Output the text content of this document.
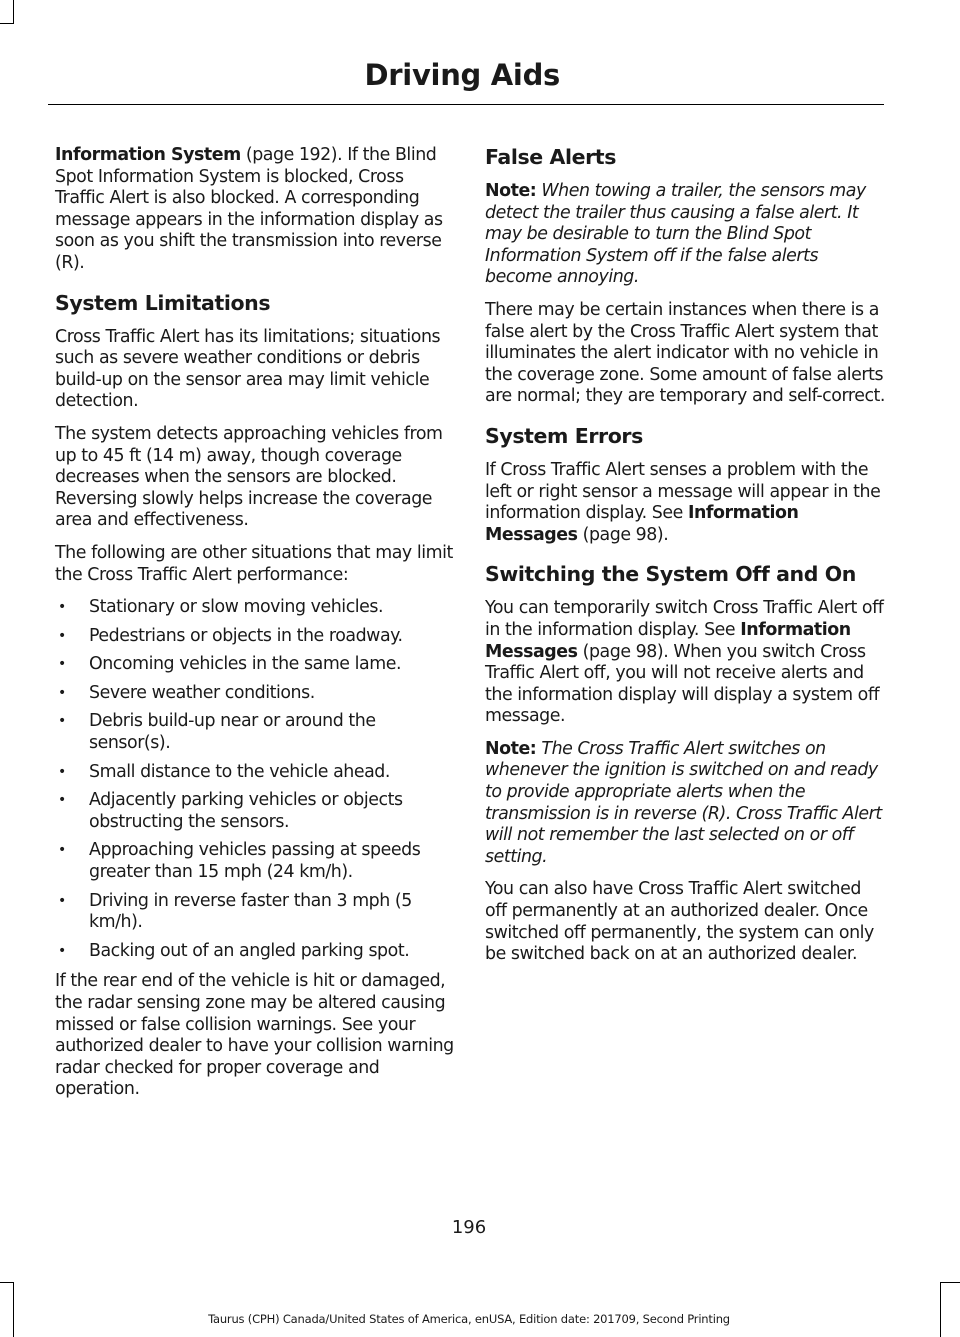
Driving Aids

Information System (page 192). If the Blind Spot Information System is blocked, Cross Traffic Alert is also blocked. A corresponding message appears in the information display as soon as you shift the transmission into reverse (R).

System Limitations

Cross Traffic Alert has its limitations; situations such as severe weather conditions or debris build-up on the sensor area may limit vehicle detection.

The system detects approaching vehicles from up to 45 ft (14 m) away, though coverage decreases when the sensors are blocked. Reversing slowly helps increase the coverage area and effectiveness.

The following are other situations that may limit the Cross Traffic Alert performance:

• Stationary or slow moving vehicles.
• Pedestrians or objects in the roadway.
• Oncoming vehicles in the same lame.
• Severe weather conditions.
• Debris build-up near or around the sensor(s).
• Small distance to the vehicle ahead.
• Adjacently parking vehicles or objects obstructing the sensors.
• Approaching vehicles passing at speeds greater than 15 mph (24 km/h).
• Driving in reverse faster than 3 mph (5 km/h).
• Backing out of an angled parking spot.

If the rear end of the vehicle is hit or damaged, the radar sensing zone may be altered causing missed or false collision warnings. See your authorized dealer to have your collision warning radar checked for proper coverage and operation.

False Alerts

Note: When towing a trailer, the sensors may detect the trailer thus causing a false alert. It may be desirable to turn the Blind Spot Information System off if the false alerts become annoying.

There may be certain instances when there is a false alert by the Cross Traffic Alert system that illuminates the alert indicator with no vehicle in the coverage zone. Some amount of false alerts are normal; they are temporary and self-correct.

System Errors

If Cross Traffic Alert senses a problem with the left or right sensor a message will appear in the information display. See Information Messages (page 98).

Switching the System Off and On

You can temporarily switch Cross Traffic Alert off in the information display. See Information Messages (page 98). When you switch Cross Traffic Alert off, you will not receive alerts and the information display will display a system off message.

Note: The Cross Traffic Alert switches on whenever the ignition is switched on and ready to provide appropriate alerts when the transmission is in reverse (R). Cross Traffic Alert will not remember the last selected on or off setting.

You can also have Cross Traffic Alert switched off permanently at an authorized dealer. Once switched off permanently, the system can only be switched back on at an authorized dealer.

196
Taurus (CPH) Canada/United States of America, enUSA, Edition date: 201709, Second Printing
